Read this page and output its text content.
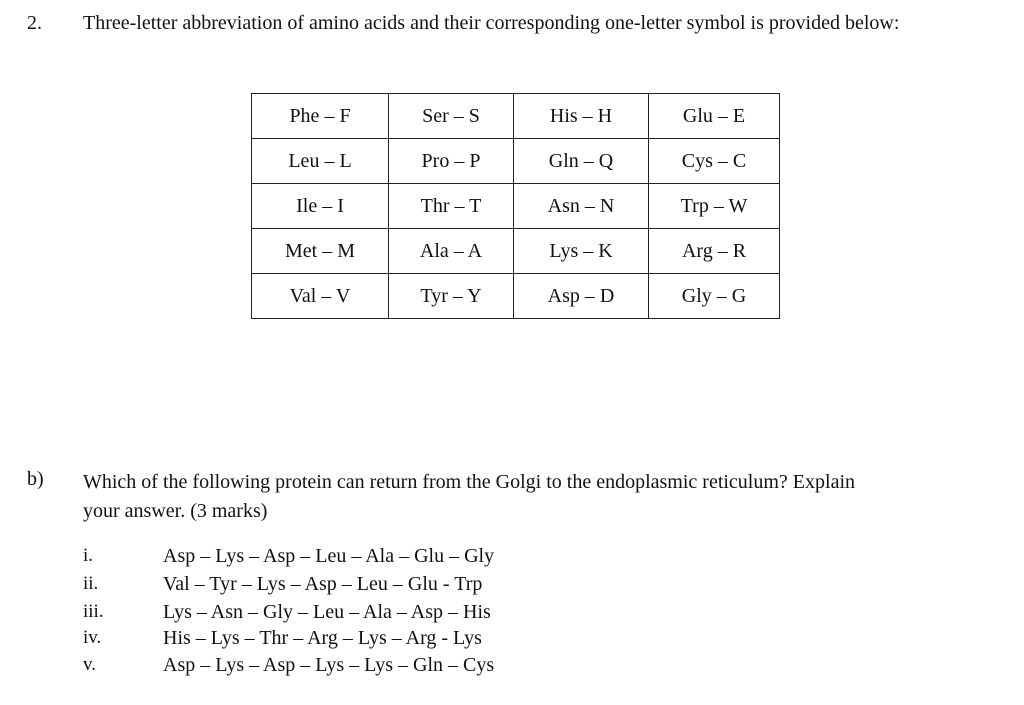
2. Three-letter abbreviation of amino acids and their corresponding one-letter symbol is provided below:
Phe – F	Ser – S	His – H	Glu – E
Leu – L	Pro – P	Gln – Q	Cys – C
Ile – I	Thr – T	Asn – N	Trp – W
Met – M	Ala – A	Lys – K	Arg – R
Val – V	Tyr – Y	Asp – D	Gly – G
b) Which of the following protein can return from the Golgi to the endoplasmic reticulum? Explain
your answer. (3 marks)
i.	Asp – Lys – Asp – Leu – Ala – Glu – Gly
ii.	Val – Tyr – Lys – Asp – Leu – Glu - Trp
iii.	Lys – Asn – Gly – Leu – Ala – Asp – His
iv.	His – Lys – Thr – Arg – Lys – Arg - Lys
v.	Asp – Lys – Asp – Lys – Lys – Gln – Cys
